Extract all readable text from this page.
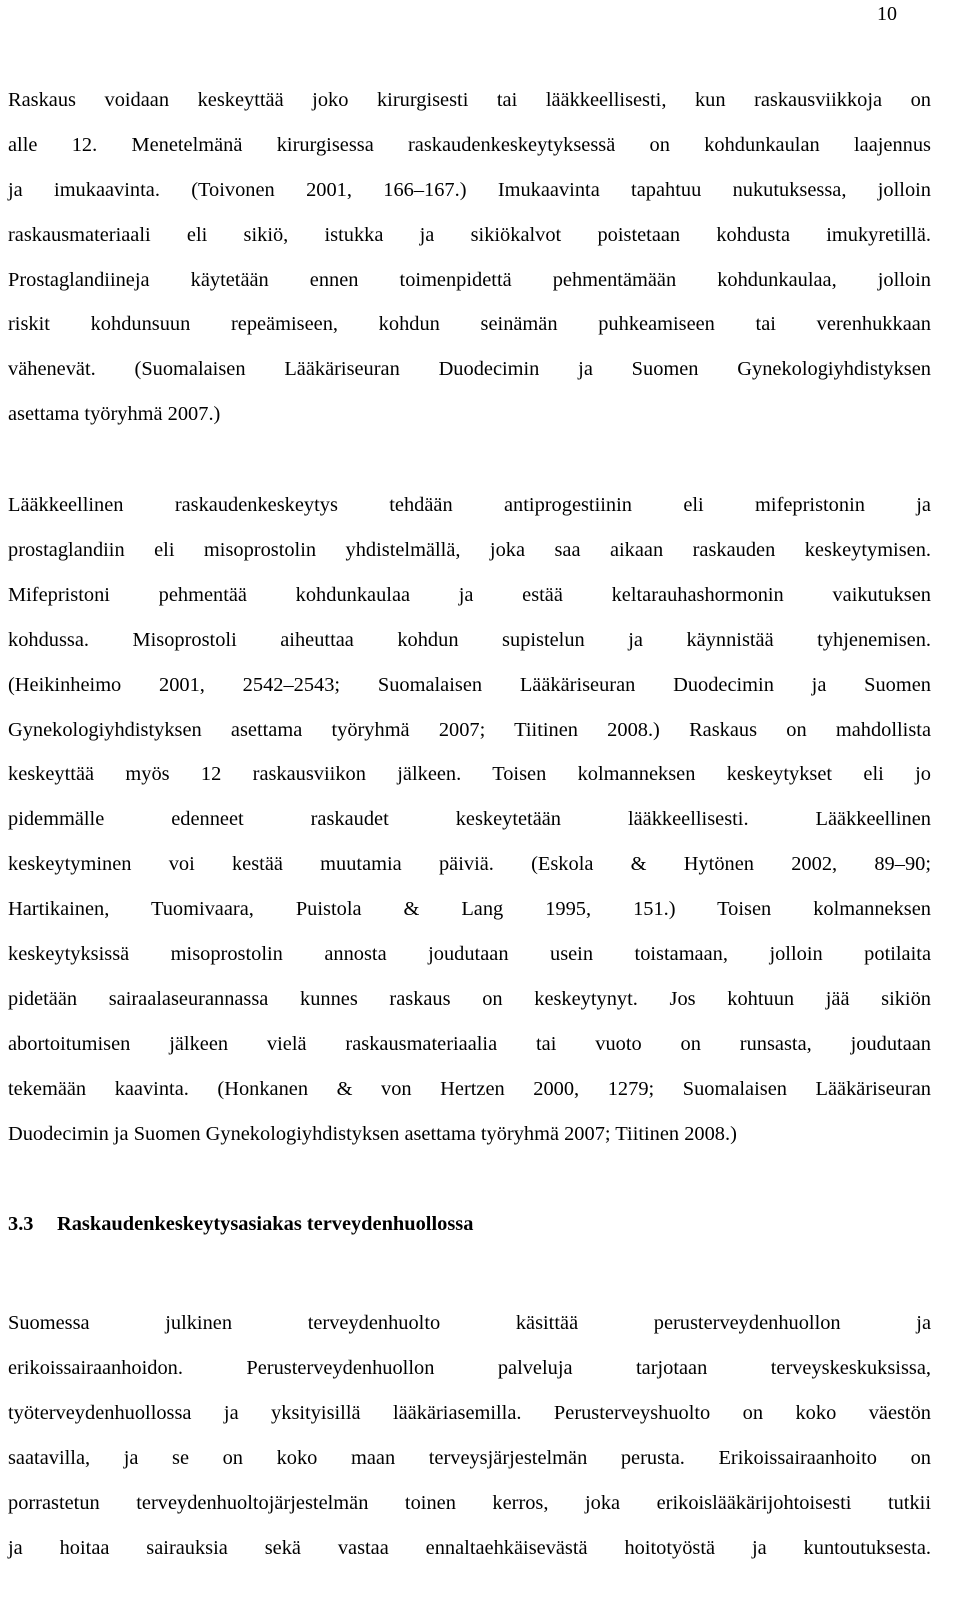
10
Raskaus voidaan keskeyttää joko kirurgisesti tai lääkkeellisesti, kun raskausviikkoja on
alle 12. Menetelmänä kirurgisessa raskaudenkeskeytyksessä on kohdunkaulan laajennus
ja imukaavinta. (Toivonen 2001, 166–167.) Imukaavinta tapahtuu nukutuksessa, jolloin
raskausmateriaali eli sikiö, istukka ja sikiökalvot poistetaan kohdusta imukyretillä.
Prostaglandiineja käytetään ennen toimenpidettä pehmentämään kohdunkaulaa, jolloin
riskit kohdunsuun repeämiseen, kohdun seinämän puhkeamiseen tai verenhukkaan
vähenevät. (Suomalaisen Lääkäriseuran Duodecimin ja Suomen Gynekologiyhdistyksen
asettama työryhmä 2007.)
Lääkkeellinen raskaudenkeskeytys tehdään antiprogestiinin eli mifepristonin ja
prostaglandiin eli misoprostolin yhdistelmällä, joka saa aikaan raskauden keskeytymisen.
Mifepristoni pehmentää kohdunkaulaa ja estää keltarauhashormonin vaikutuksen
kohdussa. Misoprostoli aiheuttaa kohdun supistelun ja käynnistää tyhjenemisen.
(Heikinheimo 2001, 2542–2543; Suomalaisen Lääkäriseuran Duodecimin ja Suomen
Gynekologiyhdistyksen asettama työryhmä 2007; Tiitinen 2008.) Raskaus on mahdollista
keskeyttää myös 12 raskausviikon jälkeen. Toisen kolmanneksen keskeytykset eli jo
pidemmälle edenneet raskaudet keskeytetään lääkkeellisesti. Lääkkeellinen
keskeytyminen voi kestää muutamia päiviä. (Eskola & Hytönen 2002, 89–90;
Hartikainen, Tuomivaara, Puistola & Lang 1995, 151.) Toisen kolmanneksen
keskeytyksissä misoprostolin annosta joudutaan usein toistamaan, jolloin potilaita
pidetään sairaalaseurannassa kunnes raskaus on keskeytynyt. Jos kohtuun jää sikiön
abortoitumisen jälkeen vielä raskausmateriaalia tai vuoto on runsasta, joudutaan
tekemään kaavinta. (Honkanen & von Hertzen 2000, 1279; Suomalaisen Lääkäriseuran
Duodecimin ja Suomen Gynekologiyhdistyksen asettama työryhmä 2007; Tiitinen 2008.)
3.3 Raskaudenkeskeytysasiakas terveydenhuollossa
Suomessa julkinen terveydenhuolto käsittää perusterveydenhuollon ja
erikoissairaanhoidon. Perusterveydenhuollon palveluja tarjotaan terveyskeskuksissa,
työterveydenhuollossa ja yksityisillä lääkäriasemilla. Perusterveyshuolto on koko väestön
saatavilla, ja se on koko maan terveysjärjestelmän perusta. Erikoissairaanhoito on
porrastetun terveydenhuoltojärjestelmän toinen kerros, joka erikoislääkärijohtoisesti tutkii
ja hoitaa sairauksia sekä vastaa ennaltaehkäisevästä hoitotyöstä ja kuntoutuksesta.
